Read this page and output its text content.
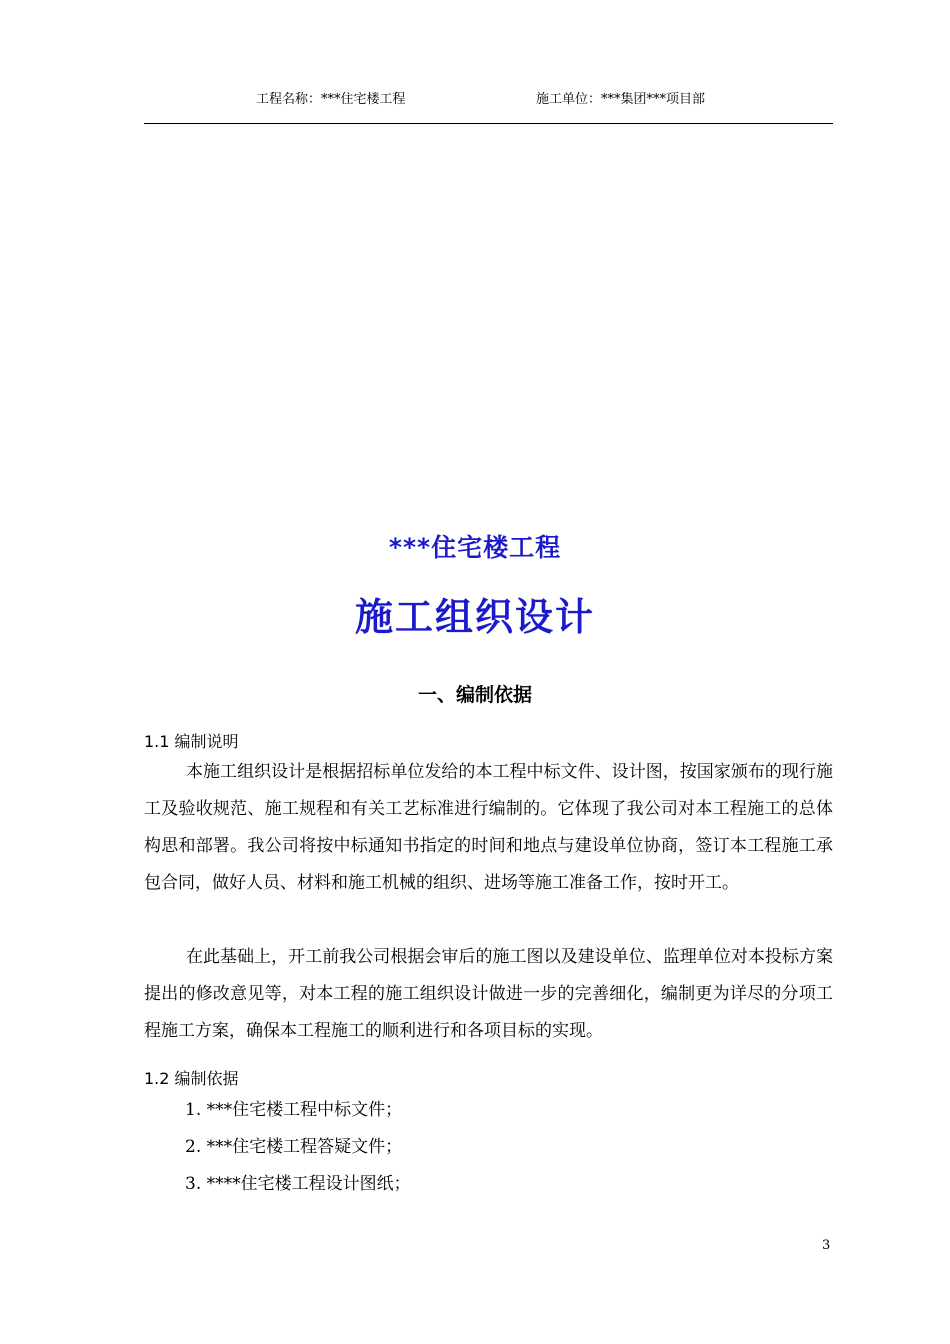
工程名称：***住宅楼工程	施工单位：***集团***项目部
***住宅楼工程
施工组织设计
一、编制依据
1.1 编制说明

本施工组织设计是根据招标单位发给的本工程中标文件、设计图，按国家颁布的现行施工及验收规范、施工规程和有关工艺标准进行编制的。它体现了我公司对本工程施工的总体构思和部署。我公司将按中标通知书指定的时间和地点与建设单位协商，签订本工程施工承包合同，做好人员、材料和施工机械的组织、进场等施工准备工作，按时开工。

在此基础上，开工前我公司根据会审后的施工图以及建设单位、监理单位对本投标方案提出的修改意见等，对本工程的施工组织设计做进一步的完善细化，编制更为详尽的分项工程施工方案，确保本工程施工的顺利进行和各项目标的实现。

1.2 编制依据
1. ***住宅楼工程中标文件；
2. ***住宅楼工程答疑文件；
3. ****住宅楼工程设计图纸；
3
